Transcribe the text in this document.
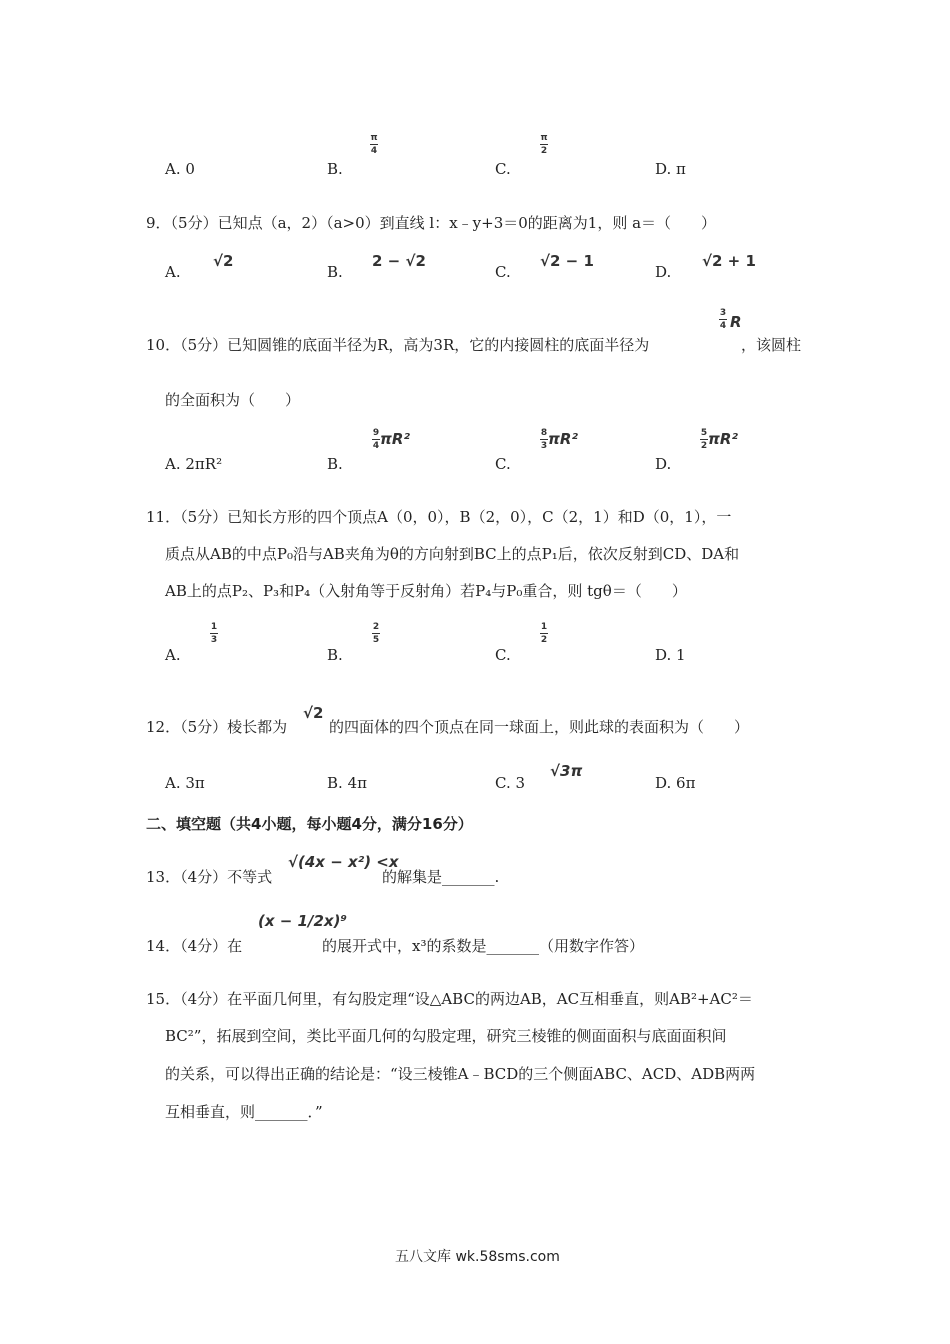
A. 0	B.
π
4
C.
π
2
D. π
9．（5分）已知点（a，2）（a>0）到直线 l：x﹣y+3＝0的距离为1，则 a＝（　　）
A.
√2
B.
2 − √2
C.
√2 − 1
D.
√2 + 1
10．（5分）已知圆锥的底面半径为R，高为3R，它的内接圆柱的底面半径为
3
4 R
，该圆柱
的全面积为（　　）
A. 2πR²	B.
$\frac{9}{4} \pi R^2$
C.
$\frac{8}{3} \pi R^2$
D.
$\frac{5}{2} \pi R^2$
11．（5分）已知长方形的四个顶点A（0，0），B（2，0），C（2，1）和D（0，1），一
质点从AB的中点P₀沿与AB夹角为θ的方向射到BC上的点P₁后，依次反射到CD、DA和
AB上的点P₂、P₃和P₄（入射角等于反射角）若P₄与P₀重合，则 tgθ＝（　　）
A.
1
3
B.
2
5
C.
1
2
D. 1
12．（5分）棱长都为
√2
的四面体的四个顶点在同一球面上，则此球的表面积为（　　）
A. 3π	B. 4π	C. 3
√3π
D. 6π
二、填空题（共4小题，每小题4分，满分16分）
13．（4分）不等式
√(4x − x²) <x
的解集是_______.
14．（4分）在
(x − 1/2x)⁹
的展开式中，x³的系数是_______（用数字作答）
15．（4分）在平面几何里，有勾股定理“设△ABC的两边AB，AC互相垂直，则AB²+AC²＝
BC²”，拓展到空间，类比平面几何的勾股定理，研究三棱锥的侧面面积与底面面积间
的关系，可以得出正确的结论是：“设三棱锥A﹣BCD的三个侧面ABC、ACD、ADB两两
互相垂直，则_______．”
五八文库 wk.58sms.com
